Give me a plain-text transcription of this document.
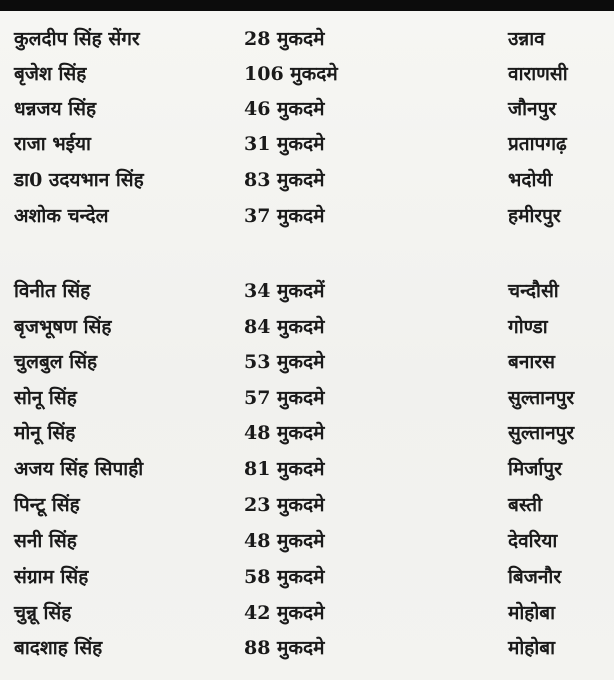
कुलदीप सिंह सेंगर	28 मुकदमे	उन्नाव
बृजेश सिंह	106 मुकदमे	वाराणसी
धन्नजय सिंह	46 मुकदमे	जौनपुर
राजा भईया	31 मुकदमे	प्रतापगढ़
डा0 उदयभान सिंह	83 मुकदमे	भदोयी
अशोक चन्देल	37 मुकदमे	हमीरपुर
विनीत सिंह	34 मुकदमें	चन्दौसी
बृजभूषण सिंह	84 मुकदमे	गोण्डा
चुलबुल सिंह	53 मुकदमे	बनारस
सोनू सिंह	57 मुकदमे	सुल्तानपुर
मोनू सिंह	48 मुकदमे	सुल्तानपुर
अजय सिंह सिपाही	81 मुकदमे	मिर्जापुर
पिन्टू सिंह	23 मुकदमे	बस्ती
सनी सिंह	48 मुकदमे	देवरिया
संग्राम सिंह	58 मुकदमे	बिजनौर
चुन्नू सिंह	42 मुकदमे	मोहोबा
बादशाह सिंह	88 मुकदमे	मोहोबा
